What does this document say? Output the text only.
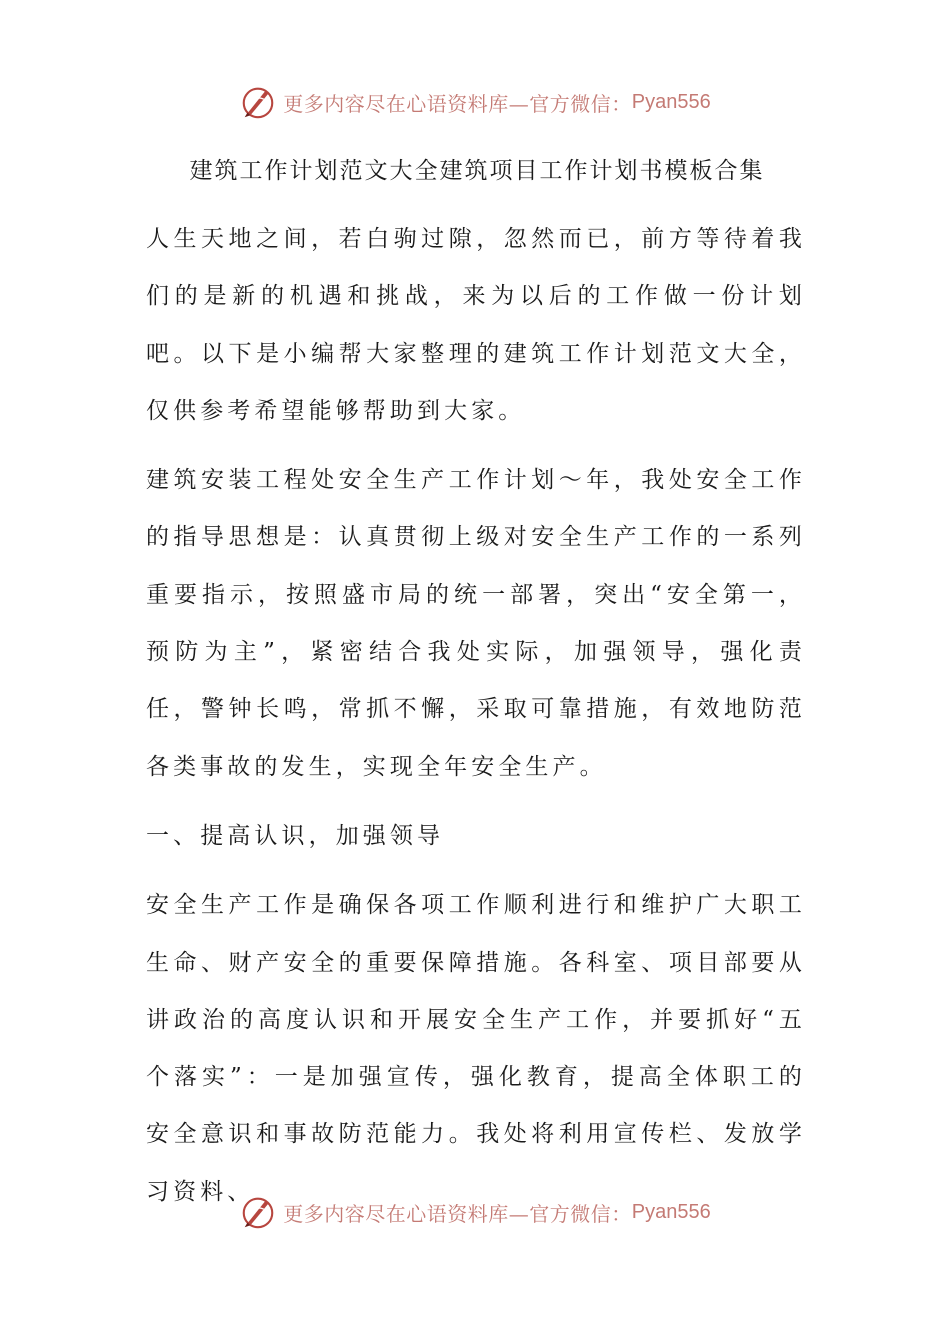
更多内容尽在心语资料库—官方微信： Pyan556
建筑工作计划范文大全建筑项目工作计划书模板合集

人生天地之间，若白驹过隙，忽然而已，前方等待着我们的是新的机遇和挑战，来为以后的工作做一份计划吧。以下是小编帮大家整理的建筑工作计划范文大全，仅供参考希望能够帮助到大家。

建筑安装工程处安全生产工作计划～年，我处安全工作的指导思想是：认真贯彻上级对安全生产工作的一系列重要指示，按照盛市局的统一部署，突出“安全第一，预防为主”，紧密结合我处实际，加强领导，强化责任，警钟长鸣，常抓不懈，采取可靠措施，有效地防范各类事故的发生，实现全年安全生产。

一、提高认识，加强领导

安全生产工作是确保各项工作顺利进行和维护广大职工生命、财产安全的重要保障措施。各科室、项目部要从讲政治的高度认识和开展安全生产工作，并要抓好“五个落实”：一是加强宣传，强化教育，提高全体职工的安全意识和事故防范能力。我处将利用宣传栏、发放学习资料、

更多内容尽在心语资料库—官方微信： Pyan556
